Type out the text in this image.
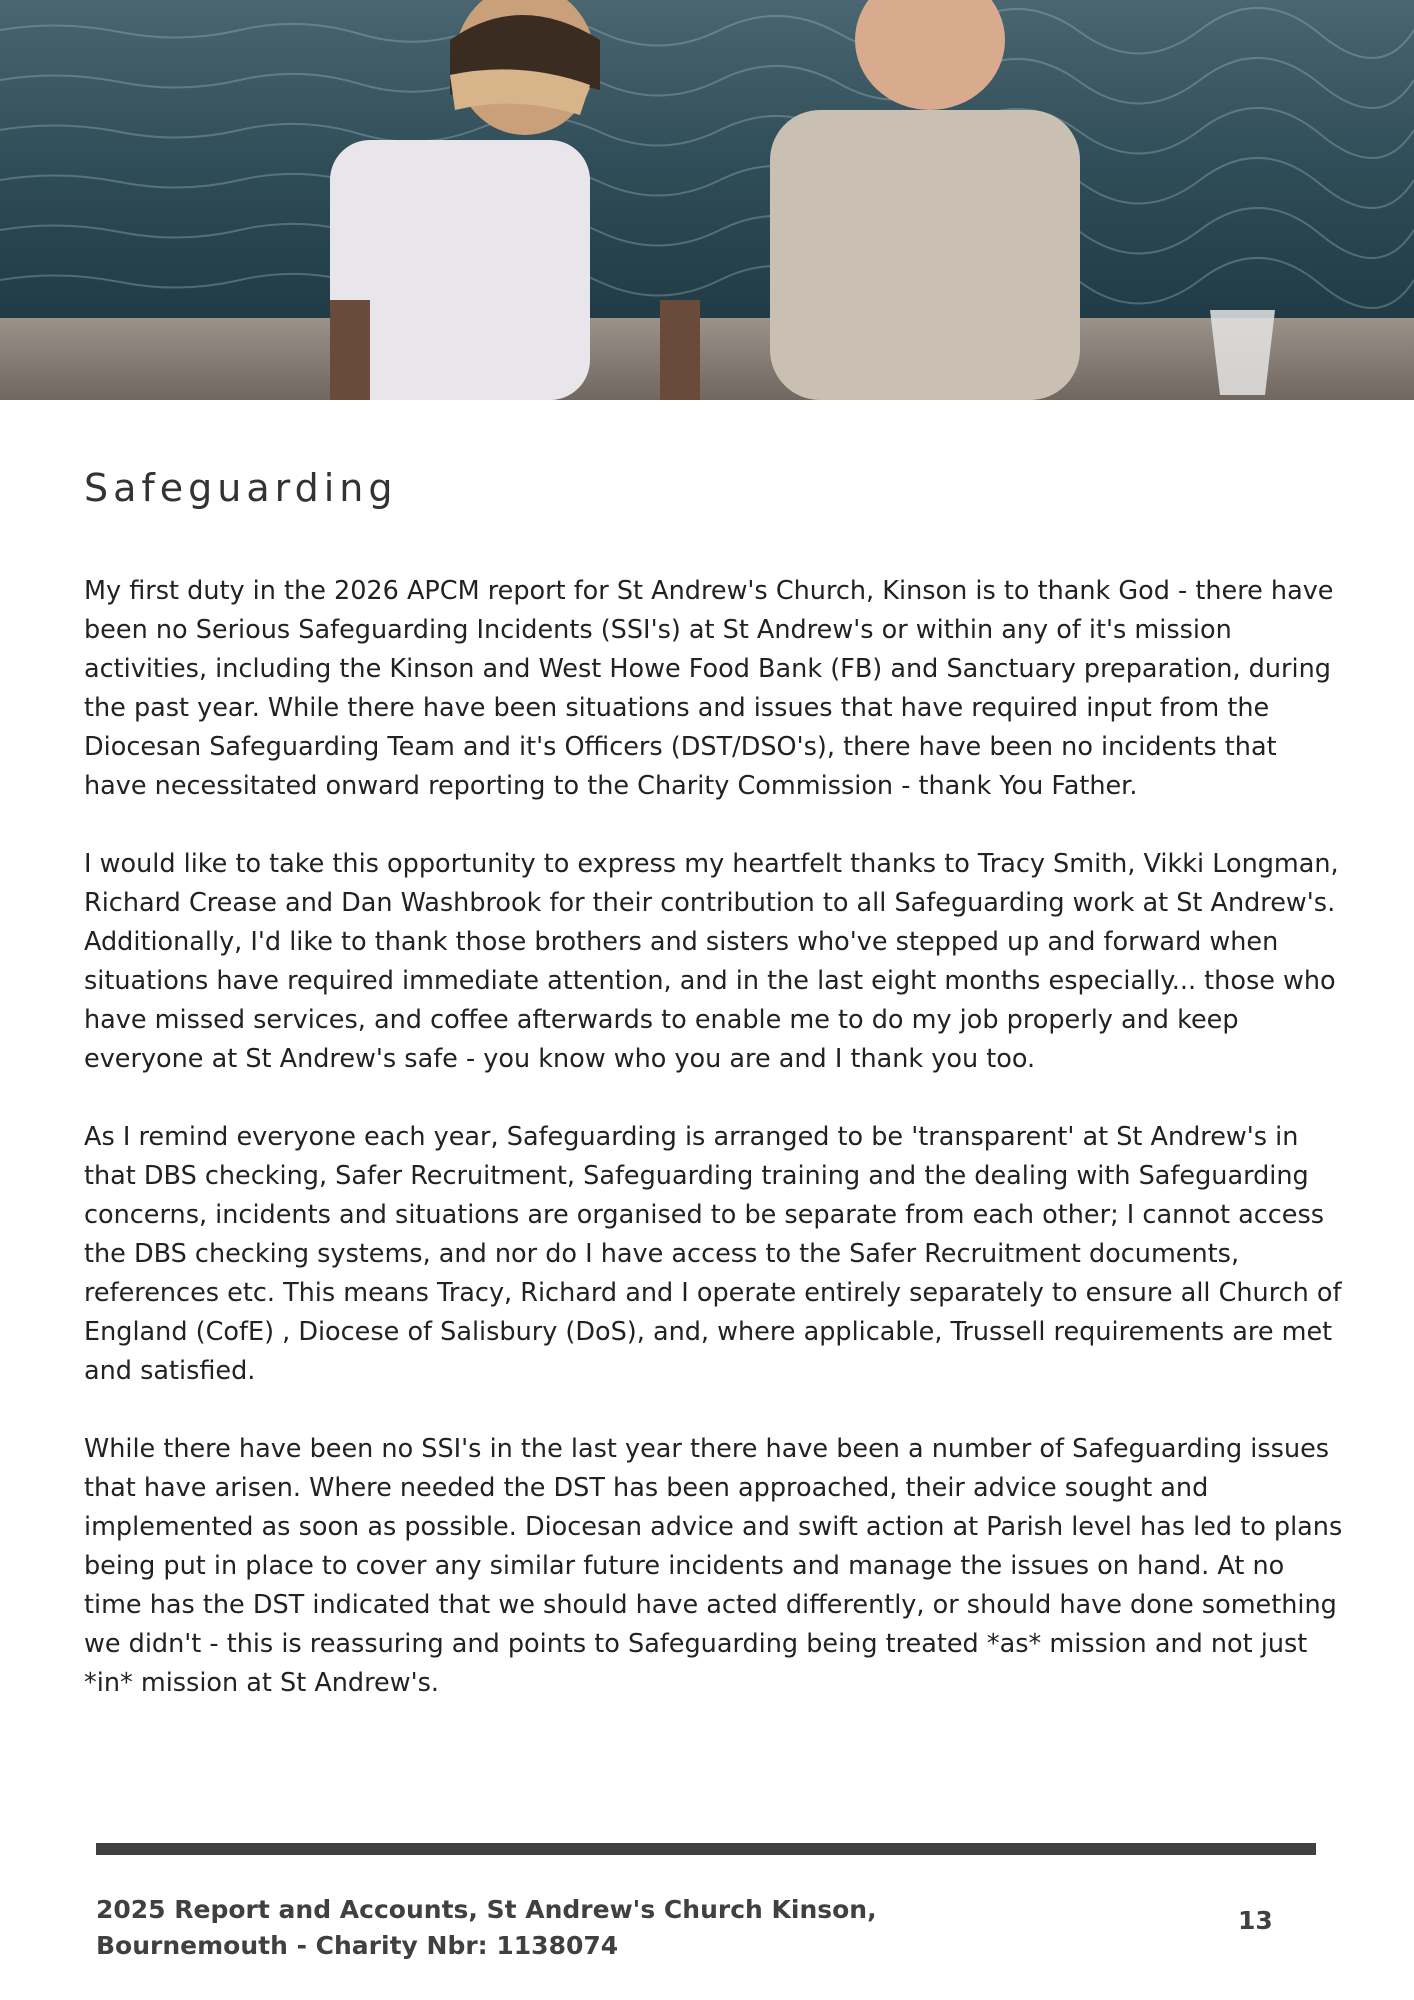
Safeguarding

My first duty in the 2026 APCM report for St Andrew's Church, Kinson is to thank God - there have been no Serious Safeguarding Incidents (SSI's) at St Andrew's or within any of it's mission activities, including the Kinson and West Howe Food Bank (FB) and Sanctuary preparation, during the past year. While there have been situations and issues that have required input from the Diocesan Safeguarding Team and it's Officers (DST/DSO's), there have been no incidents that have necessitated onward reporting to the Charity Commission - thank You Father.

I would like to take this opportunity to express my heartfelt thanks to Tracy Smith, Vikki Longman, Richard Crease and Dan Washbrook for their contribution to all Safeguarding work at St Andrew's. Additionally, I'd like to thank those brothers and sisters who've stepped up and forward when situations have required immediate attention, and in the last eight months especially... those who have missed services, and coffee afterwards to enable me to do my job properly and keep everyone at St Andrew's safe - you know who you are and I thank you too.

As I remind everyone each year, Safeguarding is arranged to be 'transparent' at St Andrew's in that DBS checking, Safer Recruitment, Safeguarding training and the dealing with Safeguarding concerns, incidents and situations are organised to be separate from each other; I cannot access the DBS checking systems, and nor do I have access to the Safer Recruitment documents, references etc. This means Tracy, Richard and I operate entirely separately to ensure all Church of England (CofE) , Diocese of Salisbury (DoS), and, where applicable, Trussell requirements are met and satisfied.

While there have been no SSI's in the last year there have been a number of Safeguarding issues that have arisen. Where needed the DST has been approached, their advice sought and implemented as soon as possible. Diocesan advice and swift action at Parish level has led to plans being put in place to cover any similar future incidents and manage the issues on hand. At no time has the DST indicated that we should have acted differently, or should have done something we didn't - this is reassuring and points to Safeguarding being treated *as* mission and not just *in* mission at St Andrew's.

2025 Report and Accounts, St Andrew's Church Kinson,
Bournemouth - Charity Nbr: 1138074
13
